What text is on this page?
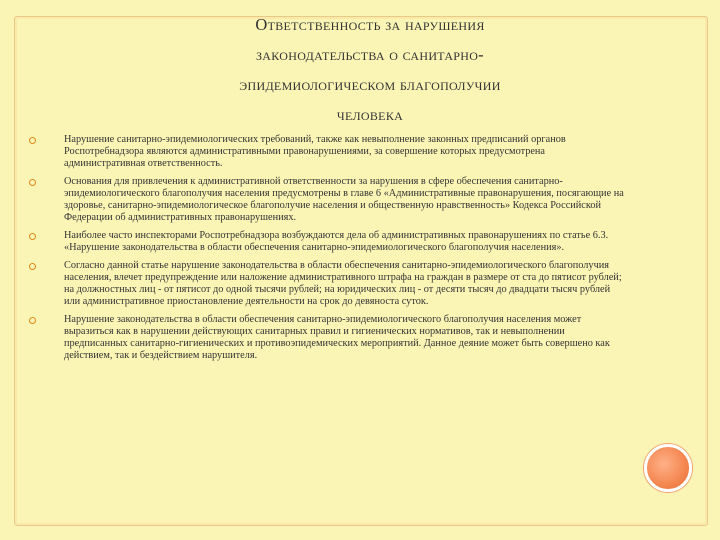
Ответственность за нарушения
законодательства о санитарно-
эпидемиологическом благополучии
человека
Нарушение санитарно-эпидемиологических требований, также как невыполнение законных предписаний органов Роспотребнадзора являются административными правонарушениями, за совершение которых предусмотрена административная ответственность.
Основания для привлечения к административной ответственности за нарушения в сфере обеспечения санитарно-эпидемиологического благополучия населения предусмотрены в главе 6 «Административные правонарушения, посягающие на здоровье, санитарно-эпидемиологическое благополучие населения и общественную нравственность» Кодекса Российской Федерации об административных правонарушениях.
Наиболее часто инспекторами Роспотребнадзора возбуждаются дела об административных правонарушениях по статье 6.3. «Нарушение законодательства в области обеспечения санитарно-эпидемиологического благополучия населения».
Согласно данной статье нарушение законодательства в области обеспечения санитарно-эпидемиологического благополучия населения, влечет предупреждение или наложение административного штрафа на граждан в размере от ста до пятисот рублей; на должностных лиц - от пятисот до одной тысячи рублей; на юридических лиц - от десяти тысяч до двадцати тысяч рублей или административное приостановление деятельности на срок до девяноста суток.
Нарушение законодательства в области обеспечения санитарно-эпидемиологического благополучия населения может выразиться как в нарушении действующих санитарных правил и гигиенических нормативов, так и невыполнении предписанных санитарно-гигиенических и противоэпидемических мероприятий. Данное деяние может быть совершено как действием, так и бездействием нарушителя.
